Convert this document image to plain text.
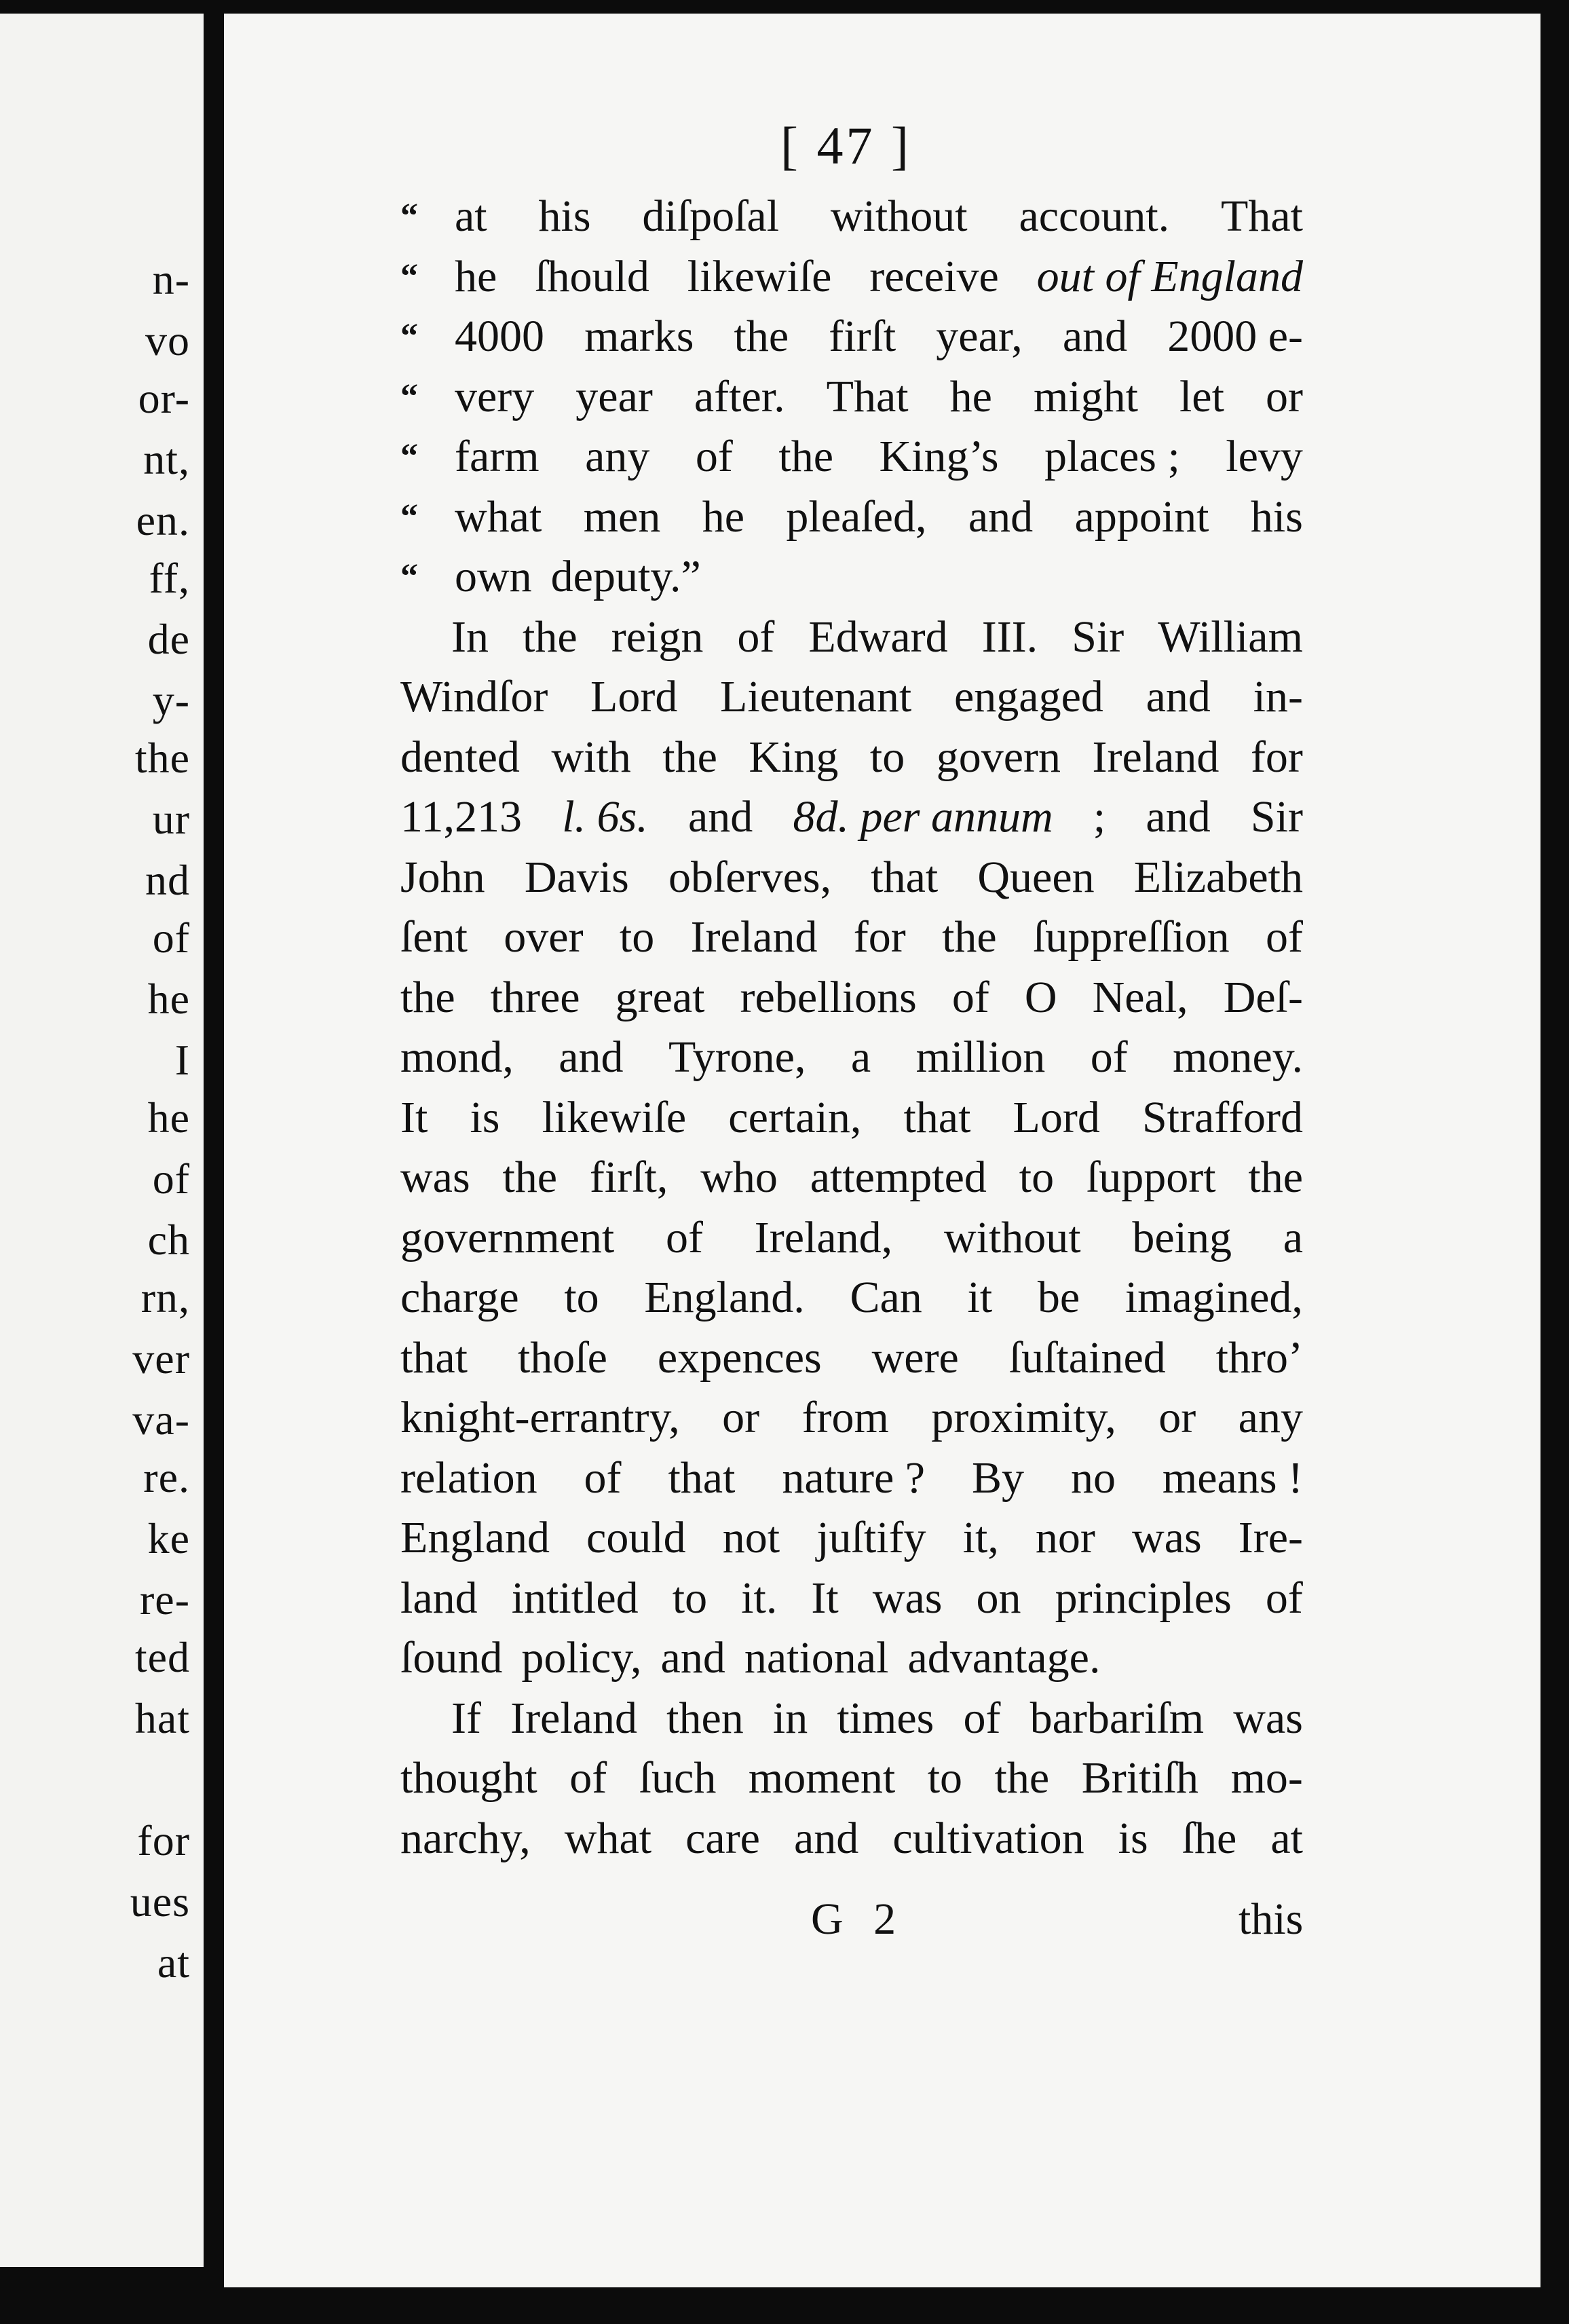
n-
vo
or-
nt,
en.
ff,
de
y-
the
ur
nd
of
he
I
he
of
ch
rn,
ver
va-
re.
ke
re-
ted
hat
for
ues
at
[ 47 ]
“ at his diſpoſal without account. That
“ he ſhould likewiſe receive out of England
“ 4000 marks the firſt year, and 2000 e-
“ very year after. That he might let or
“ farm any of the King’s places ; levy
“ what men he pleaſed, and appoint his
“ own deputy.”
In the reign of Edward III. Sir William
Windſor Lord Lieutenant engaged and in-
dented with the King to govern Ireland for
11,213 l. 6s. and 8d. per annum ; and Sir
John Davis obſerves, that Queen Elizabeth
ſent over to Ireland for the ſuppreſſion of
the three great rebellions of O Neal, Deſ-
mond, and Tyrone, a million of money.
It is likewiſe certain, that Lord Strafford
was the firſt, who attempted to ſupport the
government of Ireland, without being a
charge to England. Can it be imagined,
that thoſe expences were ſuſtained thro’
knight-errantry, or from proximity, or any
relation of that nature ? By no means !
England could not juſtify it, nor was Ire-
land intitled to it. It was on principles of
ſound policy, and national advantage.
If Ireland then in times of barbariſm was
thought of ſuch moment to the Britiſh mo-
narchy, what care and cultivation is ſhe at
G 2	this
